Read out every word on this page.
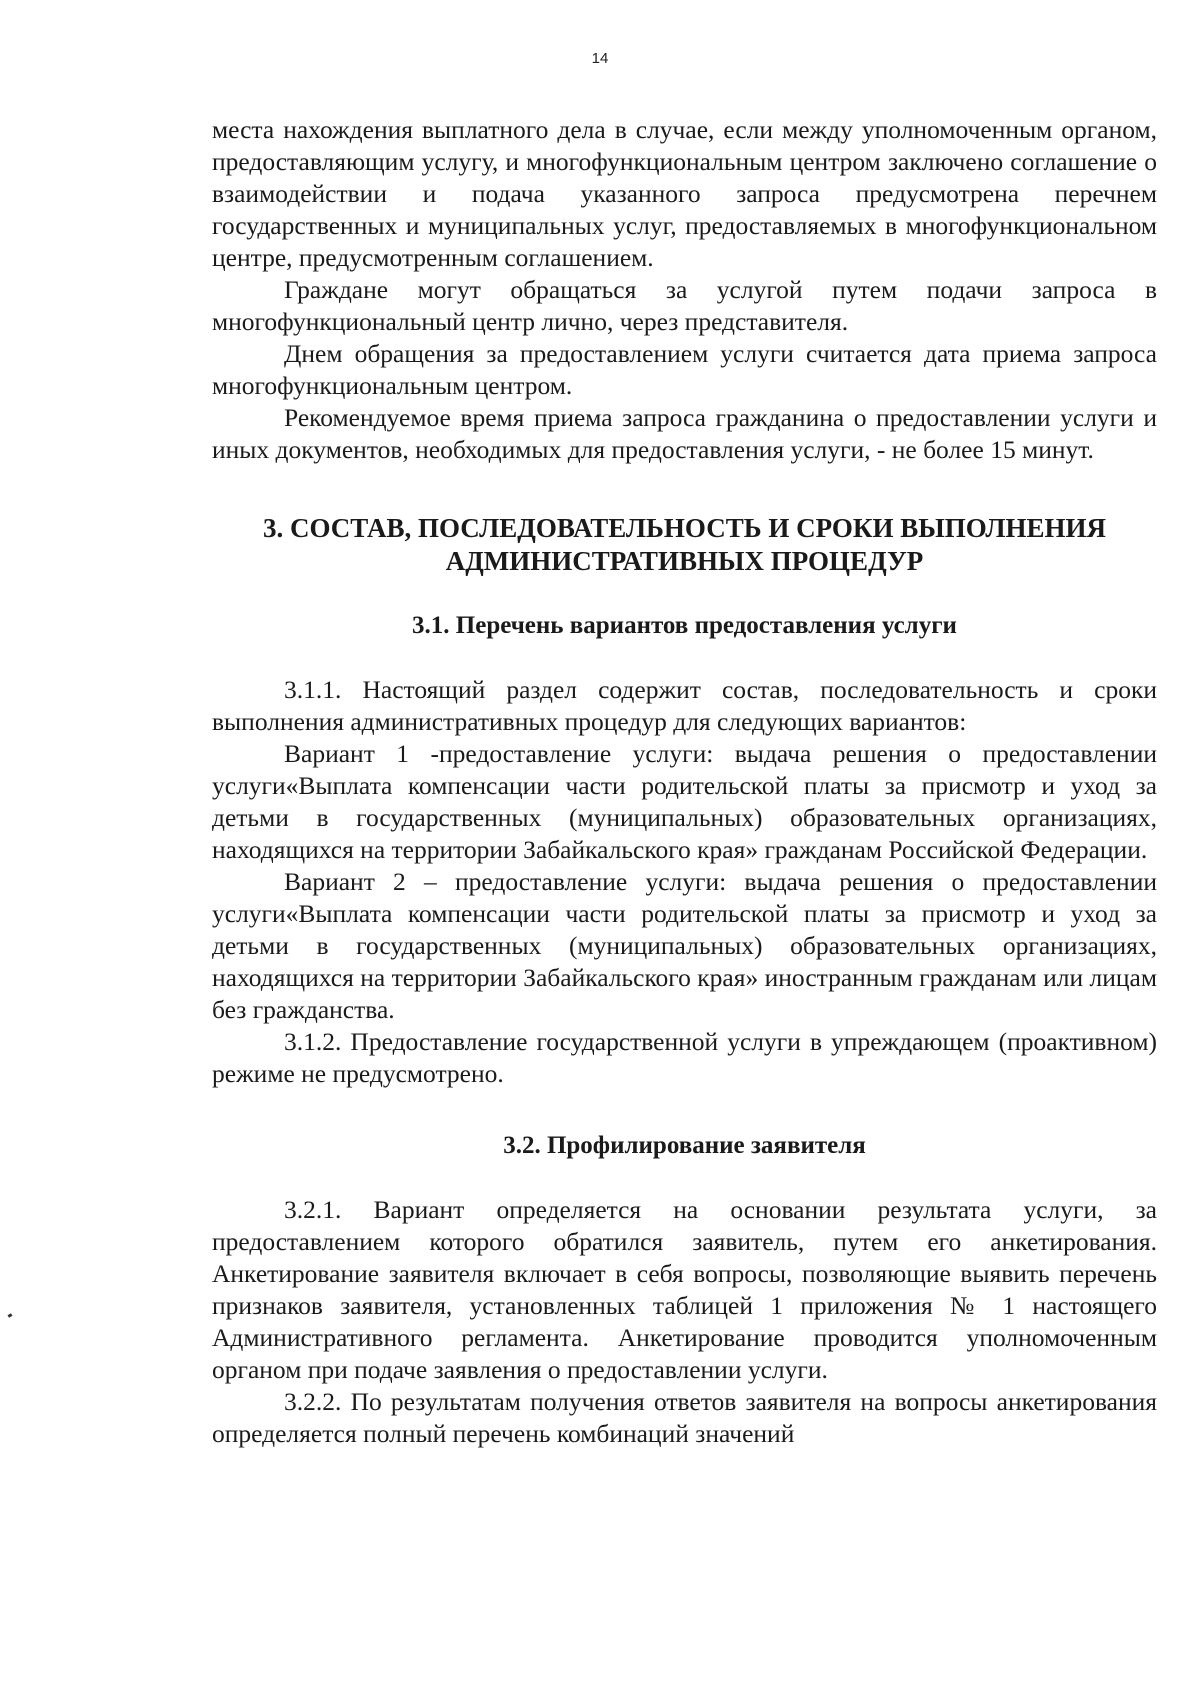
14

места нахождения выплатного дела в случае, если между уполномоченным органом, предоставляющим услугу, и многофункциональным центром заключено соглашение о взаимодействии и подача указанного запроса предусмотрена перечнем государственных и муниципальных услуг, предоставляемых в многофункциональном центре, предусмотренным соглашением.

Граждане могут обращаться за услугой путем подачи запроса в многофункциональный центр лично, через представителя.

Днем обращения за предоставлением услуги считается дата приема запроса многофункциональным центром.

Рекомендуемое время приема запроса гражданина о предоставлении услуги и иных документов, необходимых для предоставления услуги, - не более 15 минут.

3. СОСТАВ, ПОСЛЕДОВАТЕЛЬНОСТЬ И СРОКИ ВЫПОЛНЕНИЯ
АДМИНИСТРАТИВНЫХ ПРОЦЕДУР

3.1. Перечень вариантов предоставления услуги

3.1.1. Настоящий раздел содержит состав, последовательность и сроки выполнения административных процедур для следующих вариантов:

Вариант 1 -предоставление услуги: выдача решения о предоставлении услуги«Выплата компенсации части родительской платы за присмотр и уход за детьми в государственных (муниципальных) образовательных организациях, находящихся на территории Забайкальского края» гражданам Российской Федерации.

Вариант 2 – предоставление услуги: выдача решения о предоставлении услуги«Выплата компенсации части родительской платы за присмотр и уход за детьми в государственных (муниципальных) образовательных организациях, находящихся на территории Забайкальского края» иностранным гражданам или лицам без гражданства.

3.1.2. Предоставление государственной услуги в упреждающем (проактивном) режиме не предусмотрено.

3.2. Профилирование заявителя

3.2.1. Вариант определяется на основании результата услуги, за предоставлением которого обратился заявитель, путем его анкетирования. Анкетирование заявителя включает в себя вопросы, позволяющие выявить перечень признаков заявителя, установленных таблицей 1 приложения № 1 настоящего Административного регламента. Анкетирование проводится уполномоченным органом при подаче заявления о предоставлении услуги.

3.2.2. По результатам получения ответов заявителя на вопросы анкетирования определяется полный перечень комбинаций значений
